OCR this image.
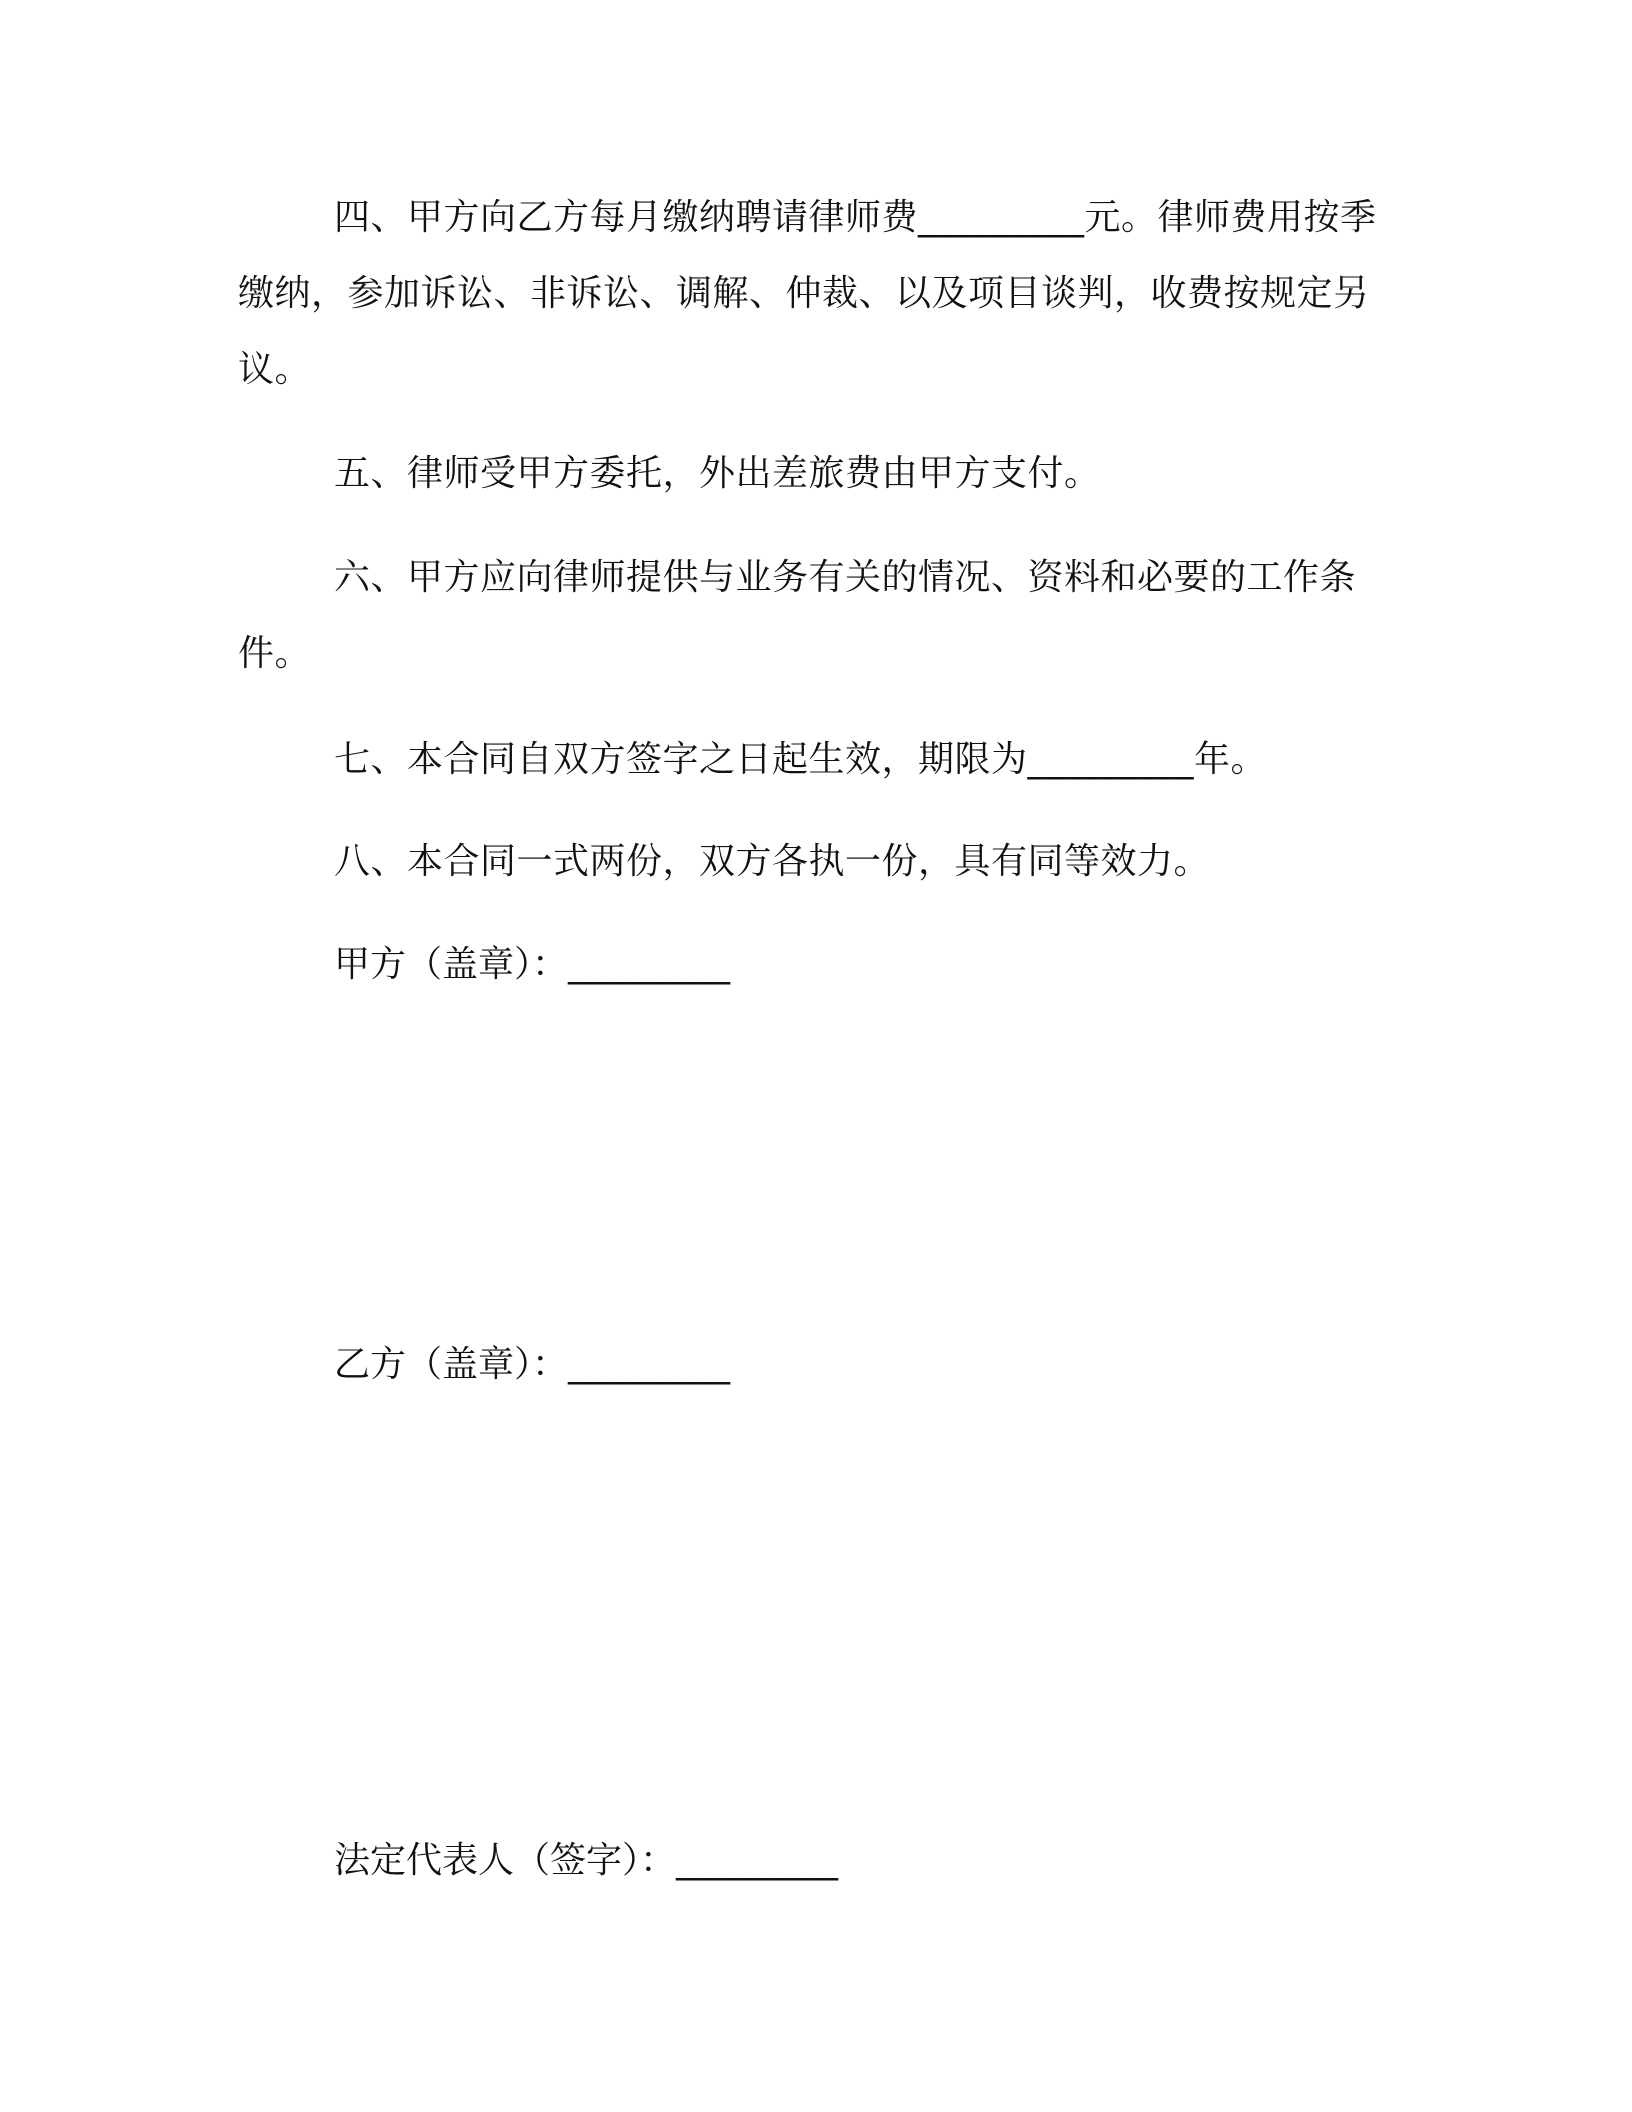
四、甲方向乙方每月缴纳聘请律师费_________元。律师费用按季缴纳，参加诉讼、非诉讼、调解、仲裁、以及项目谈判，收费按规定另议。

五、律师受甲方委托，外出差旅费由甲方支付。

六、甲方应向律师提供与业务有关的情况、资料和必要的工作条件。

七、本合同自双方签字之日起生效，期限为_________年。

八、本合同一式两份，双方各执一份，具有同等效力。

甲方（盖章）：_________

乙方（盖章）：_________

法定代表人（签字）：_________
